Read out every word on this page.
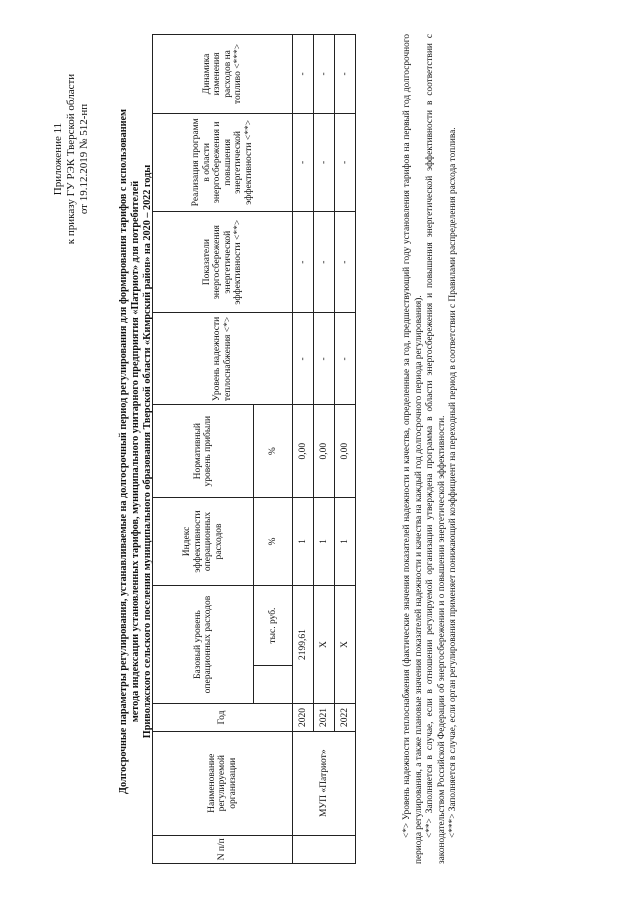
Приложение 11 к приказу ГУ РЭК Тверской области от 19.12.2019 № 512-нп	Долгосрочные параметры регулирования, устанавливаемые на долгосрочный период регулирования для формирования тарифов с использованием метода индексации установленных тарифов, муниципального унитарного предприятия «Патриот» для потребителей Приволжского сельского поселения муниципального образования Тверской области «Кимрский район» на 2020 – 2022 годы
N п/п	Наименование регулируемой организации	Год	Базовый уровень операционных расходов		Индекс эффективности операционных расходов	Нормативный уровень прибыли	Уровень надежности теплоснабжения <*>	Показатели энергосбережения энергетической эффективности <**>	Реализация программ в области энергосбережения и повышения энергетической эффективности <**>	Динамика изменения расходов на топливо <***>
				тыс. руб.	%	%				
	МУП «Патриот»	2020	2199,61		1	0,00	-	-	-	-
		2021	Х		1	0,00	-	-	-	-
		2022	Х		1	0,00	-	-	-	-	<*> Уровень надежности теплоснабжения (фактические значения показателей надежности и качества, определенные за год, предшествующий году установления тарифов на первый год долгосрочного периода регулирования, а также плановые значения показателей надежности и качества на каждый год долгосрочного периода регулирования). <**> Заполняется в случае, если в отношении регулируемой организации утверждена программа в области энергосбережения и повышения энергетической эффективности в соответствии с законодательством Российской Федерации об энергосбережении и о повышении энергетической эффективности. <***> Заполняется в случае, если орган регулирования применяет понижающий коэффициент на переходный период в соответствии с Правилами распределения расхода топлива.
